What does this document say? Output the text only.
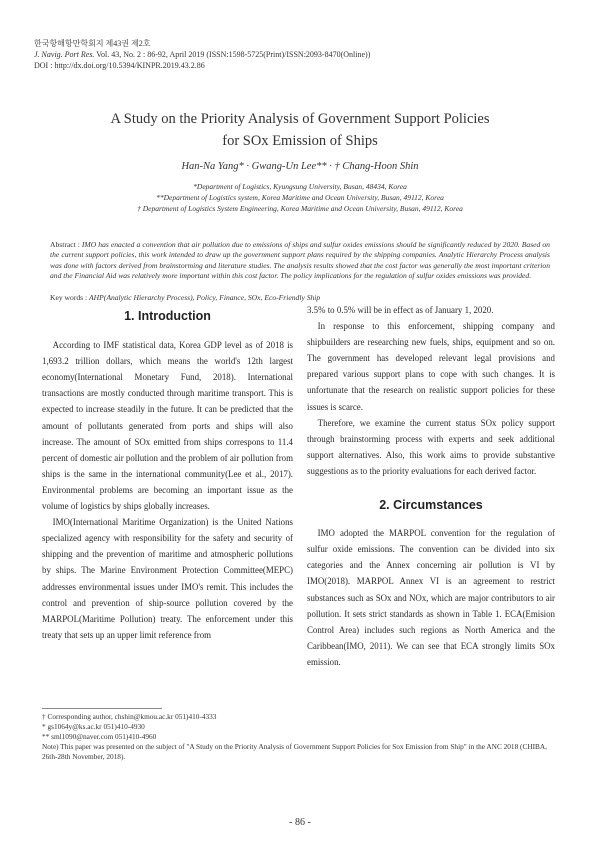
한국항해항만학회지 제43권 제2호
J. Navig. Port Res. Vol. 43, No. 2 : 86-92, April 2019 (ISSN:1598-5725(Print)/ISSN:2093-8470(Online))
DOI : http://dx.doi.org/10.5394/KINPR.2019.43.2.86
A Study on the Priority Analysis of Government Support Policies
for SOx Emission of Ships
Han-Na Yang* · Gwang-Un Lee** · † Chang-Hoon Shin
*Department of Logistics, Kyungsung University, Busan, 48434, Korea
**Department of Logistics system, Korea Maritime and Ocean University, Busan, 49112, Korea
† Department of Logistics System Engineering, Korea Maritime and Ocean University, Busan, 49112, Korea
Abstract : IMO has enacted a convention that air pollution due to emissions of ships and sulfur oxides emissions should be significantly reduced by 2020. Based on the current support policies, this work intended to draw up the government support plans required by the shipping companies. Analytic Hierarchy Process analysis was done with factors derived from brainstorming and literature studies. The analysis results showed that the cost factor was generally the most important criterion and the Financial Aid was relatively more important within this cost factor. The policy implications for the regulation of sulfur oxides emissions was provided.
Key words : AHP(Analytic Hierarchy Process), Policy, Finance, SOx, Eco-Friendly Ship
1. Introduction

According to IMF statistical data, Korea GDP level as of 2018 is 1,693.2 trillion dollars, which means the world's 12th largest economy(International Monetary Fund, 2018). International transactions are mostly conducted through maritime transport. This is expected to increase steadily in the future. It can be predicted that the amount of pollutants generated from ports and ships will also increase. The amount of SOx emitted from ships correspons to 11.4 percent of domestic air pollution and the problem of air pollution from ships is the same in the international community(Lee et al., 2017). Environmental problems are becoming an important issue as the volume of logistics by ships globally increases.

IMO(International Maritime Organization) is the United Nations specialized agency with responsibility for the safety and security of shipping and the prevention of maritime and atmospheric pollutions by ships. The Marine Environment Protection Committee(MEPC) addresses environmental issues under IMO's remit. This includes the control and prevention of ship-source pollution covered by the MARPOL(Maritime Pollution) treaty. The enforcement under this treaty that sets up an upper limit reference from

3.5% to 0.5% will be in effect as of January 1, 2020.

In response to this enforcement, shipping company and shipbuilders are researching new fuels, ships, equipment and so on. The government has developed relevant legal provisions and prepared various support plans to cope with such changes. It is unfortunate that the research on realistic support policies for these issues is scarce.

Therefore, we examine the current status SOx policy support through brainstorming process with experts and seek additional support alternatives. Also, this work aims to provide substantive suggestions as to the priority evaluations for each derived factor.

2. Circumstances

IMO adopted the MARPOL convention for the regulation of sulfur oxide emissions. The convention can be divided into six categories and the Annex concerning air pollution is VI by IMO(2018). MARPOL Annex VI is an agreement to restrict substances such as SOx and NOx, which are major contributors to air pollution. It sets strict standards as shown in Table 1. ECA(Emision Control Area) includes such regions as North America and the Caribbean(IMO, 2011). We can see that ECA strongly limits SOx emission.

† Corresponding author, chshin@kmou.ac.kr 051)410-4333
* gs1064y@ks.ac.kr 051)410-4930
** sml1090@naver.com 051)410-4960
Note) This paper was presented on the subject of "A Study on the Priority Analysis of Government Support Policies for Sox Emission from Ship" in the ANC 2018 (CHIBA, 26th-28th November, 2018).
- 86 -
